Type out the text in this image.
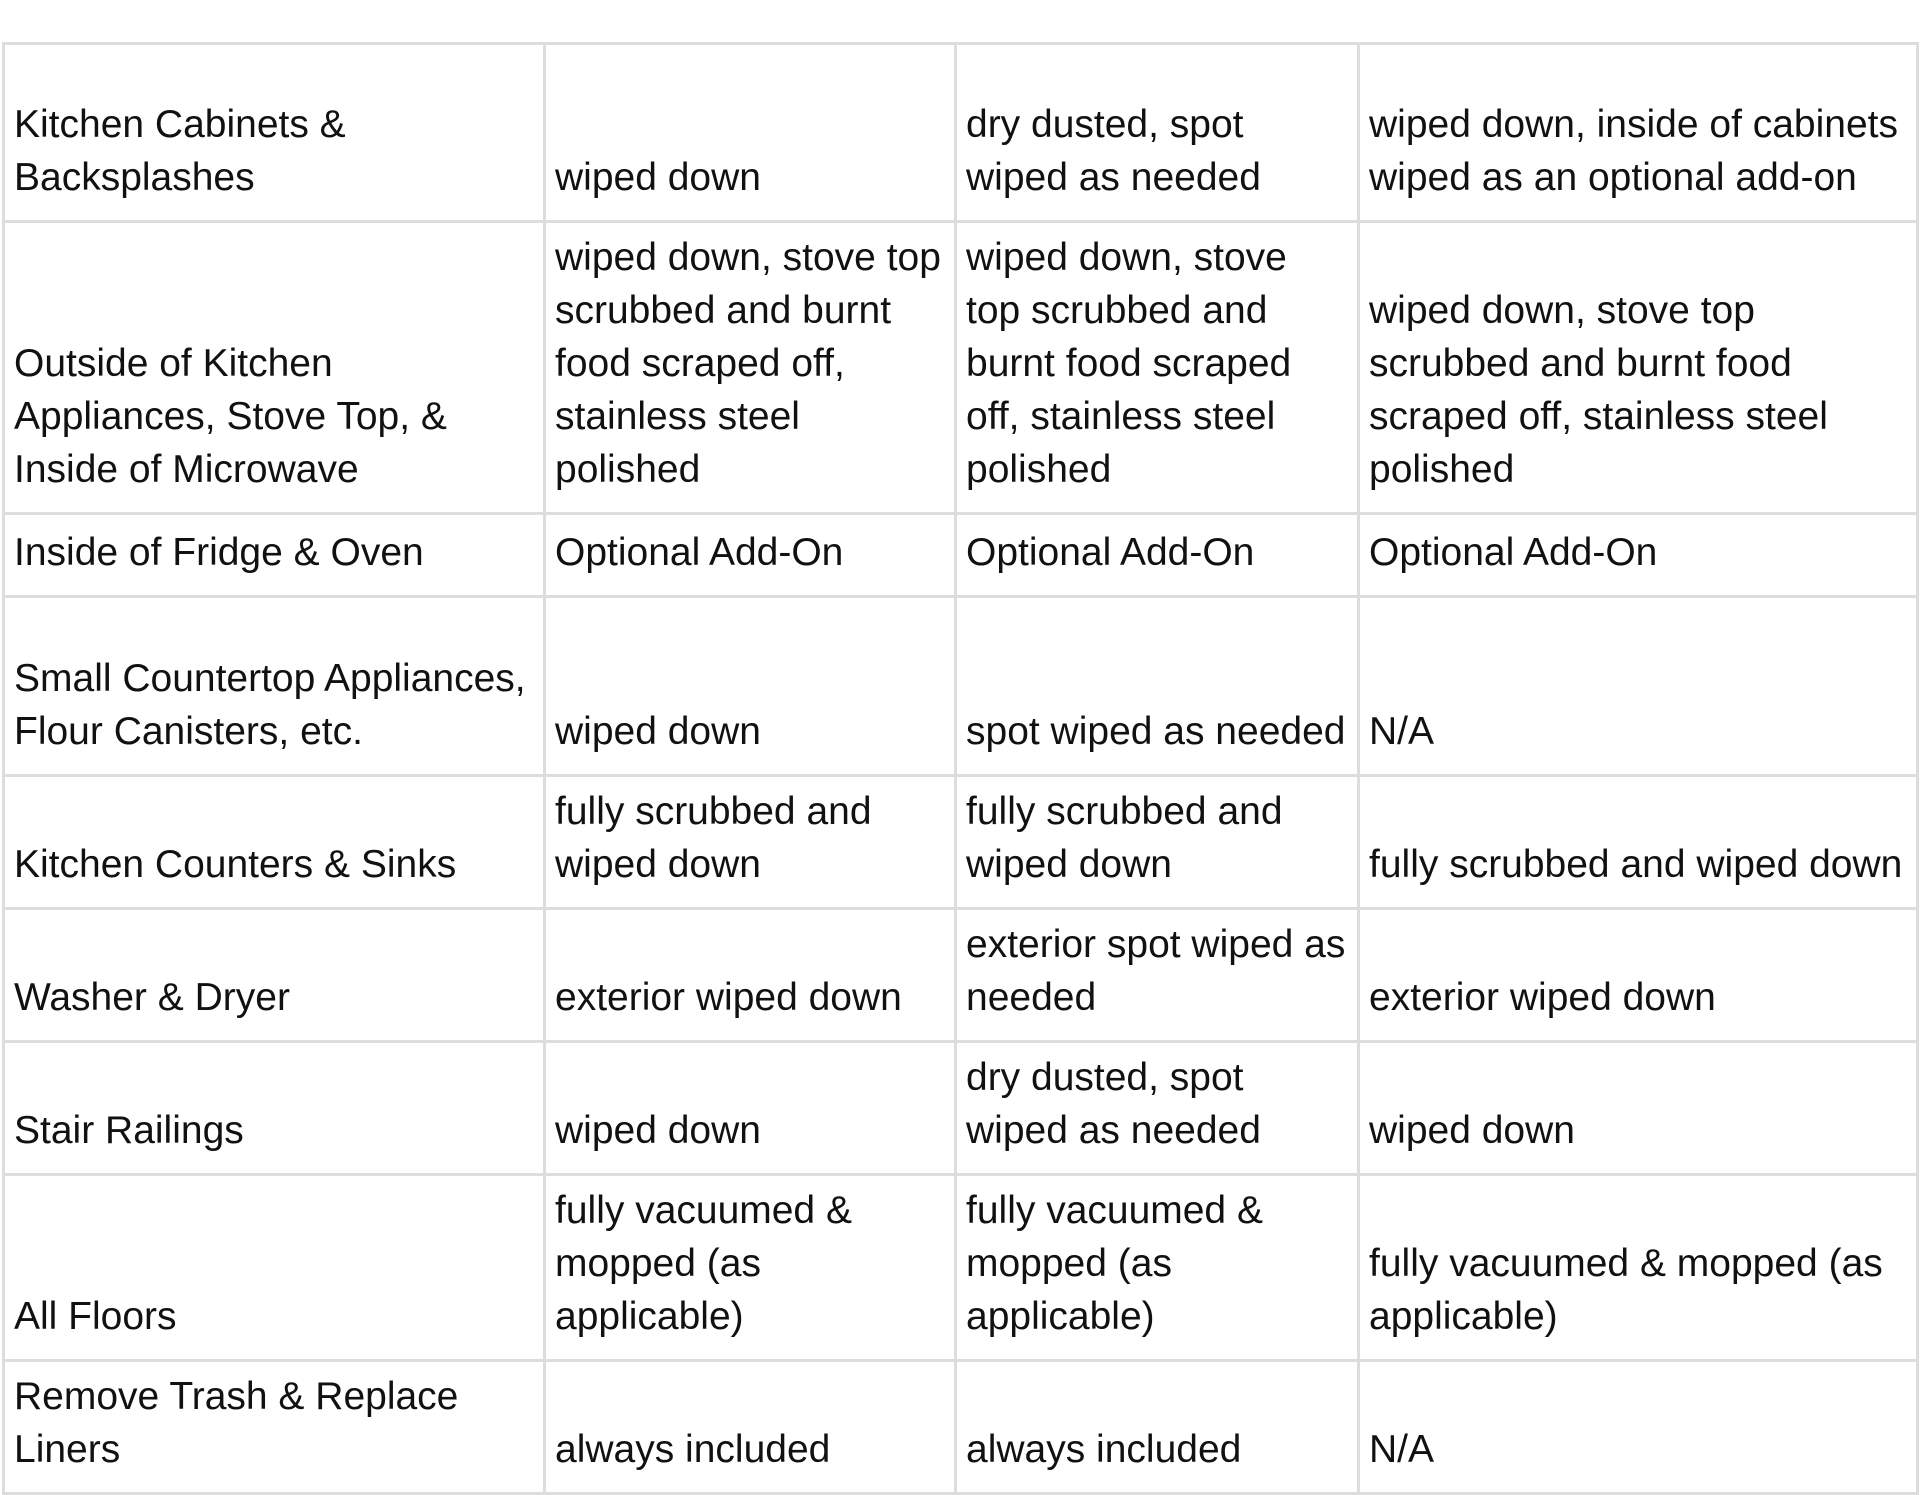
Kitchen Cabinets & Backsplashes	wiped down	dry dusted, spot wiped as needed	wiped down, inside of cabinets wiped as an optional add-on
Outside of Kitchen Appliances, Stove Top, & Inside of Microwave	wiped down, stove top scrubbed and burnt food scraped off, stainless steel polished	wiped down, stove top scrubbed and burnt food scraped off, stainless steel polished	wiped down, stove top scrubbed and burnt food scraped off, stainless steel polished
Inside of Fridge & Oven	Optional Add-On	Optional Add-On	Optional Add-On
Small Countertop Appliances, Flour Canisters, etc.	wiped down	spot wiped as needed	N/A
Kitchen Counters & Sinks	fully scrubbed and wiped down	fully scrubbed and wiped down	fully scrubbed and wiped down
Washer & Dryer	exterior wiped down	exterior spot wiped as needed	exterior wiped down
Stair Railings	wiped down	dry dusted, spot wiped as needed	wiped down
All Floors	fully vacuumed & mopped (as applicable)	fully vacuumed & mopped (as applicable)	fully vacuumed & mopped (as applicable)
Remove Trash & Replace Liners	always included	always included	N/A
